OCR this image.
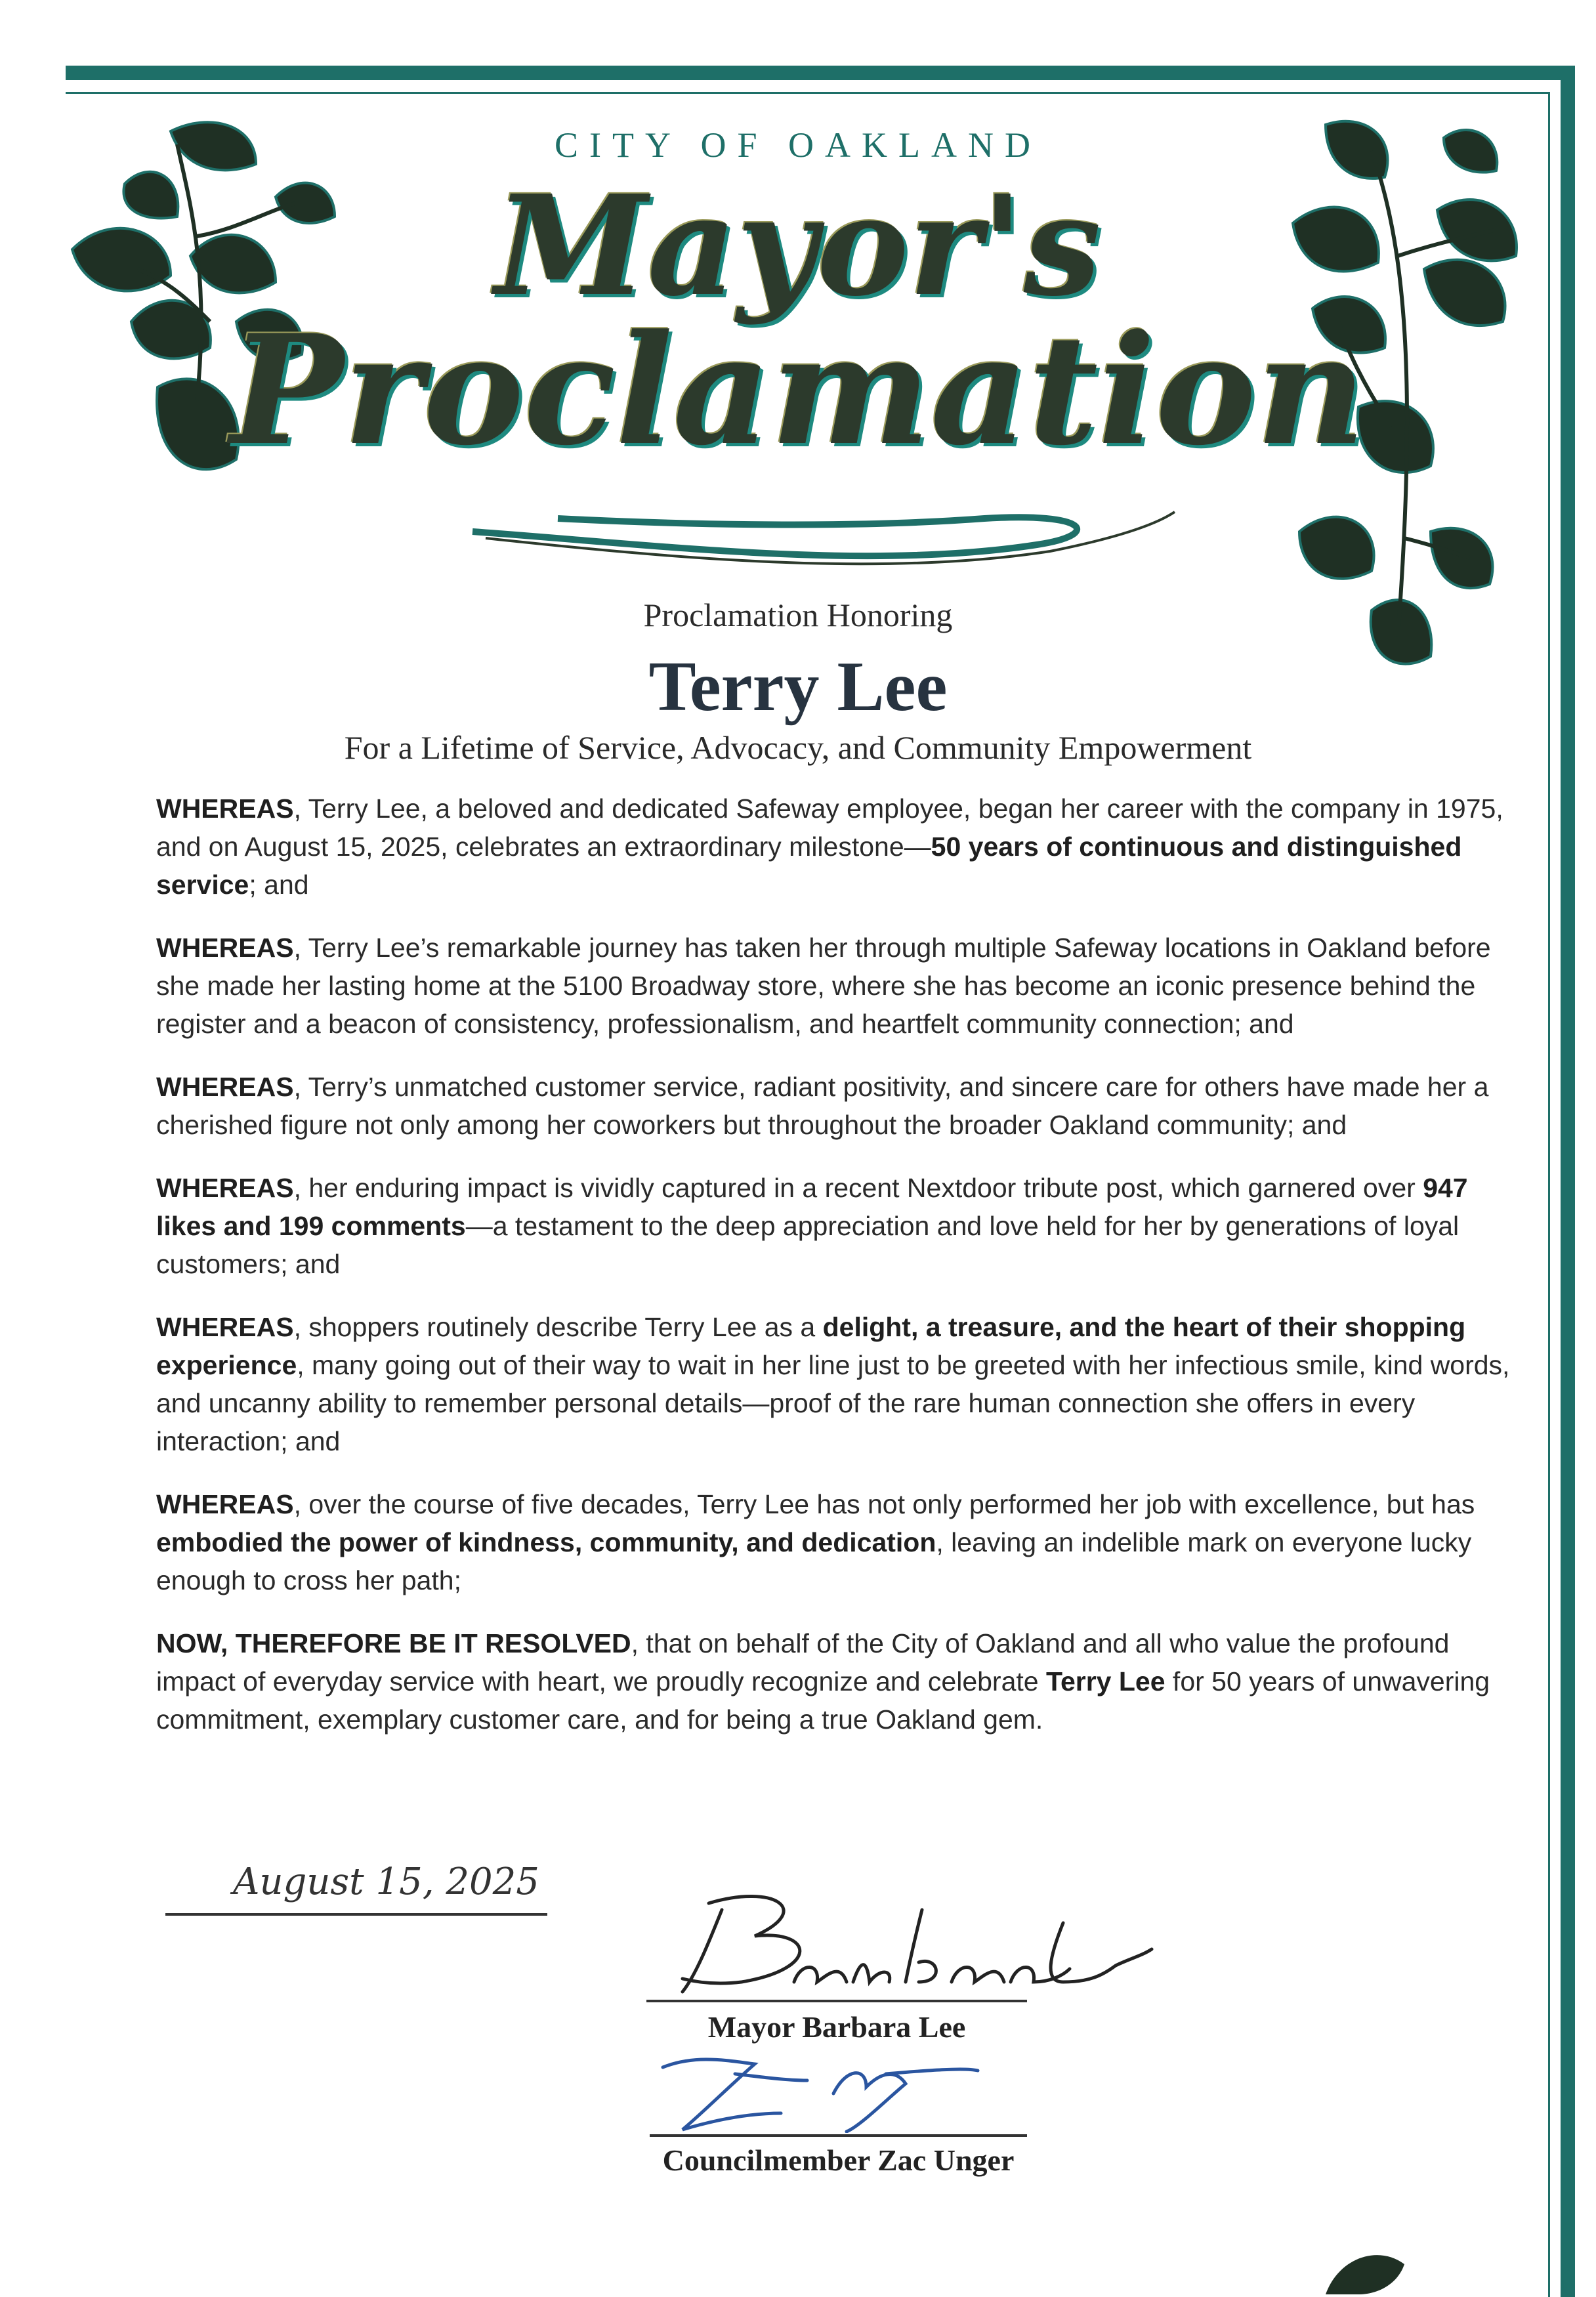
CITY OF OAKLAND
Mayor's
Proclamation
Proclamation Honoring
Terry Lee
For a Lifetime of Service, Advocacy, and Community Empowerment

WHEREAS, Terry Lee, a beloved and dedicated Safeway employee, began her career with the company in 1975, and on August 15, 2025, celebrates an extraordinary milestone—50 years of continuous and distinguished service; and

WHEREAS, Terry Lee’s remarkable journey has taken her through multiple Safeway locations in Oakland before she made her lasting home at the 5100 Broadway store, where she has become an iconic presence behind the register and a beacon of consistency, professionalism, and heartfelt community connection; and

WHEREAS, Terry’s unmatched customer service, radiant positivity, and sincere care for others have made her a cherished figure not only among her coworkers but throughout the broader Oakland community; and

WHEREAS, her enduring impact is vividly captured in a recent Nextdoor tribute post, which garnered over 947 likes and 199 comments—a testament to the deep appreciation and love held for her by generations of loyal customers; and

WHEREAS, shoppers routinely describe Terry Lee as a delight, a treasure, and the heart of their shopping experience, many going out of their way to wait in her line just to be greeted with her infectious smile, kind words, and uncanny ability to remember personal details—proof of the rare human connection she offers in every interaction; and

WHEREAS, over the course of five decades, Terry Lee has not only performed her job with excellence, but has embodied the power of kindness, community, and dedication, leaving an indelible mark on everyone lucky enough to cross her path;

NOW, THEREFORE BE IT RESOLVED, that on behalf of the City of Oakland and all who value the profound impact of everyday service with heart, we proudly recognize and celebrate Terry Lee for 50 years of unwavering commitment, exemplary customer care, and for being a true Oakland gem.

August 15, 2025
Mayor Barbara Lee
Councilmember Zac Unger
